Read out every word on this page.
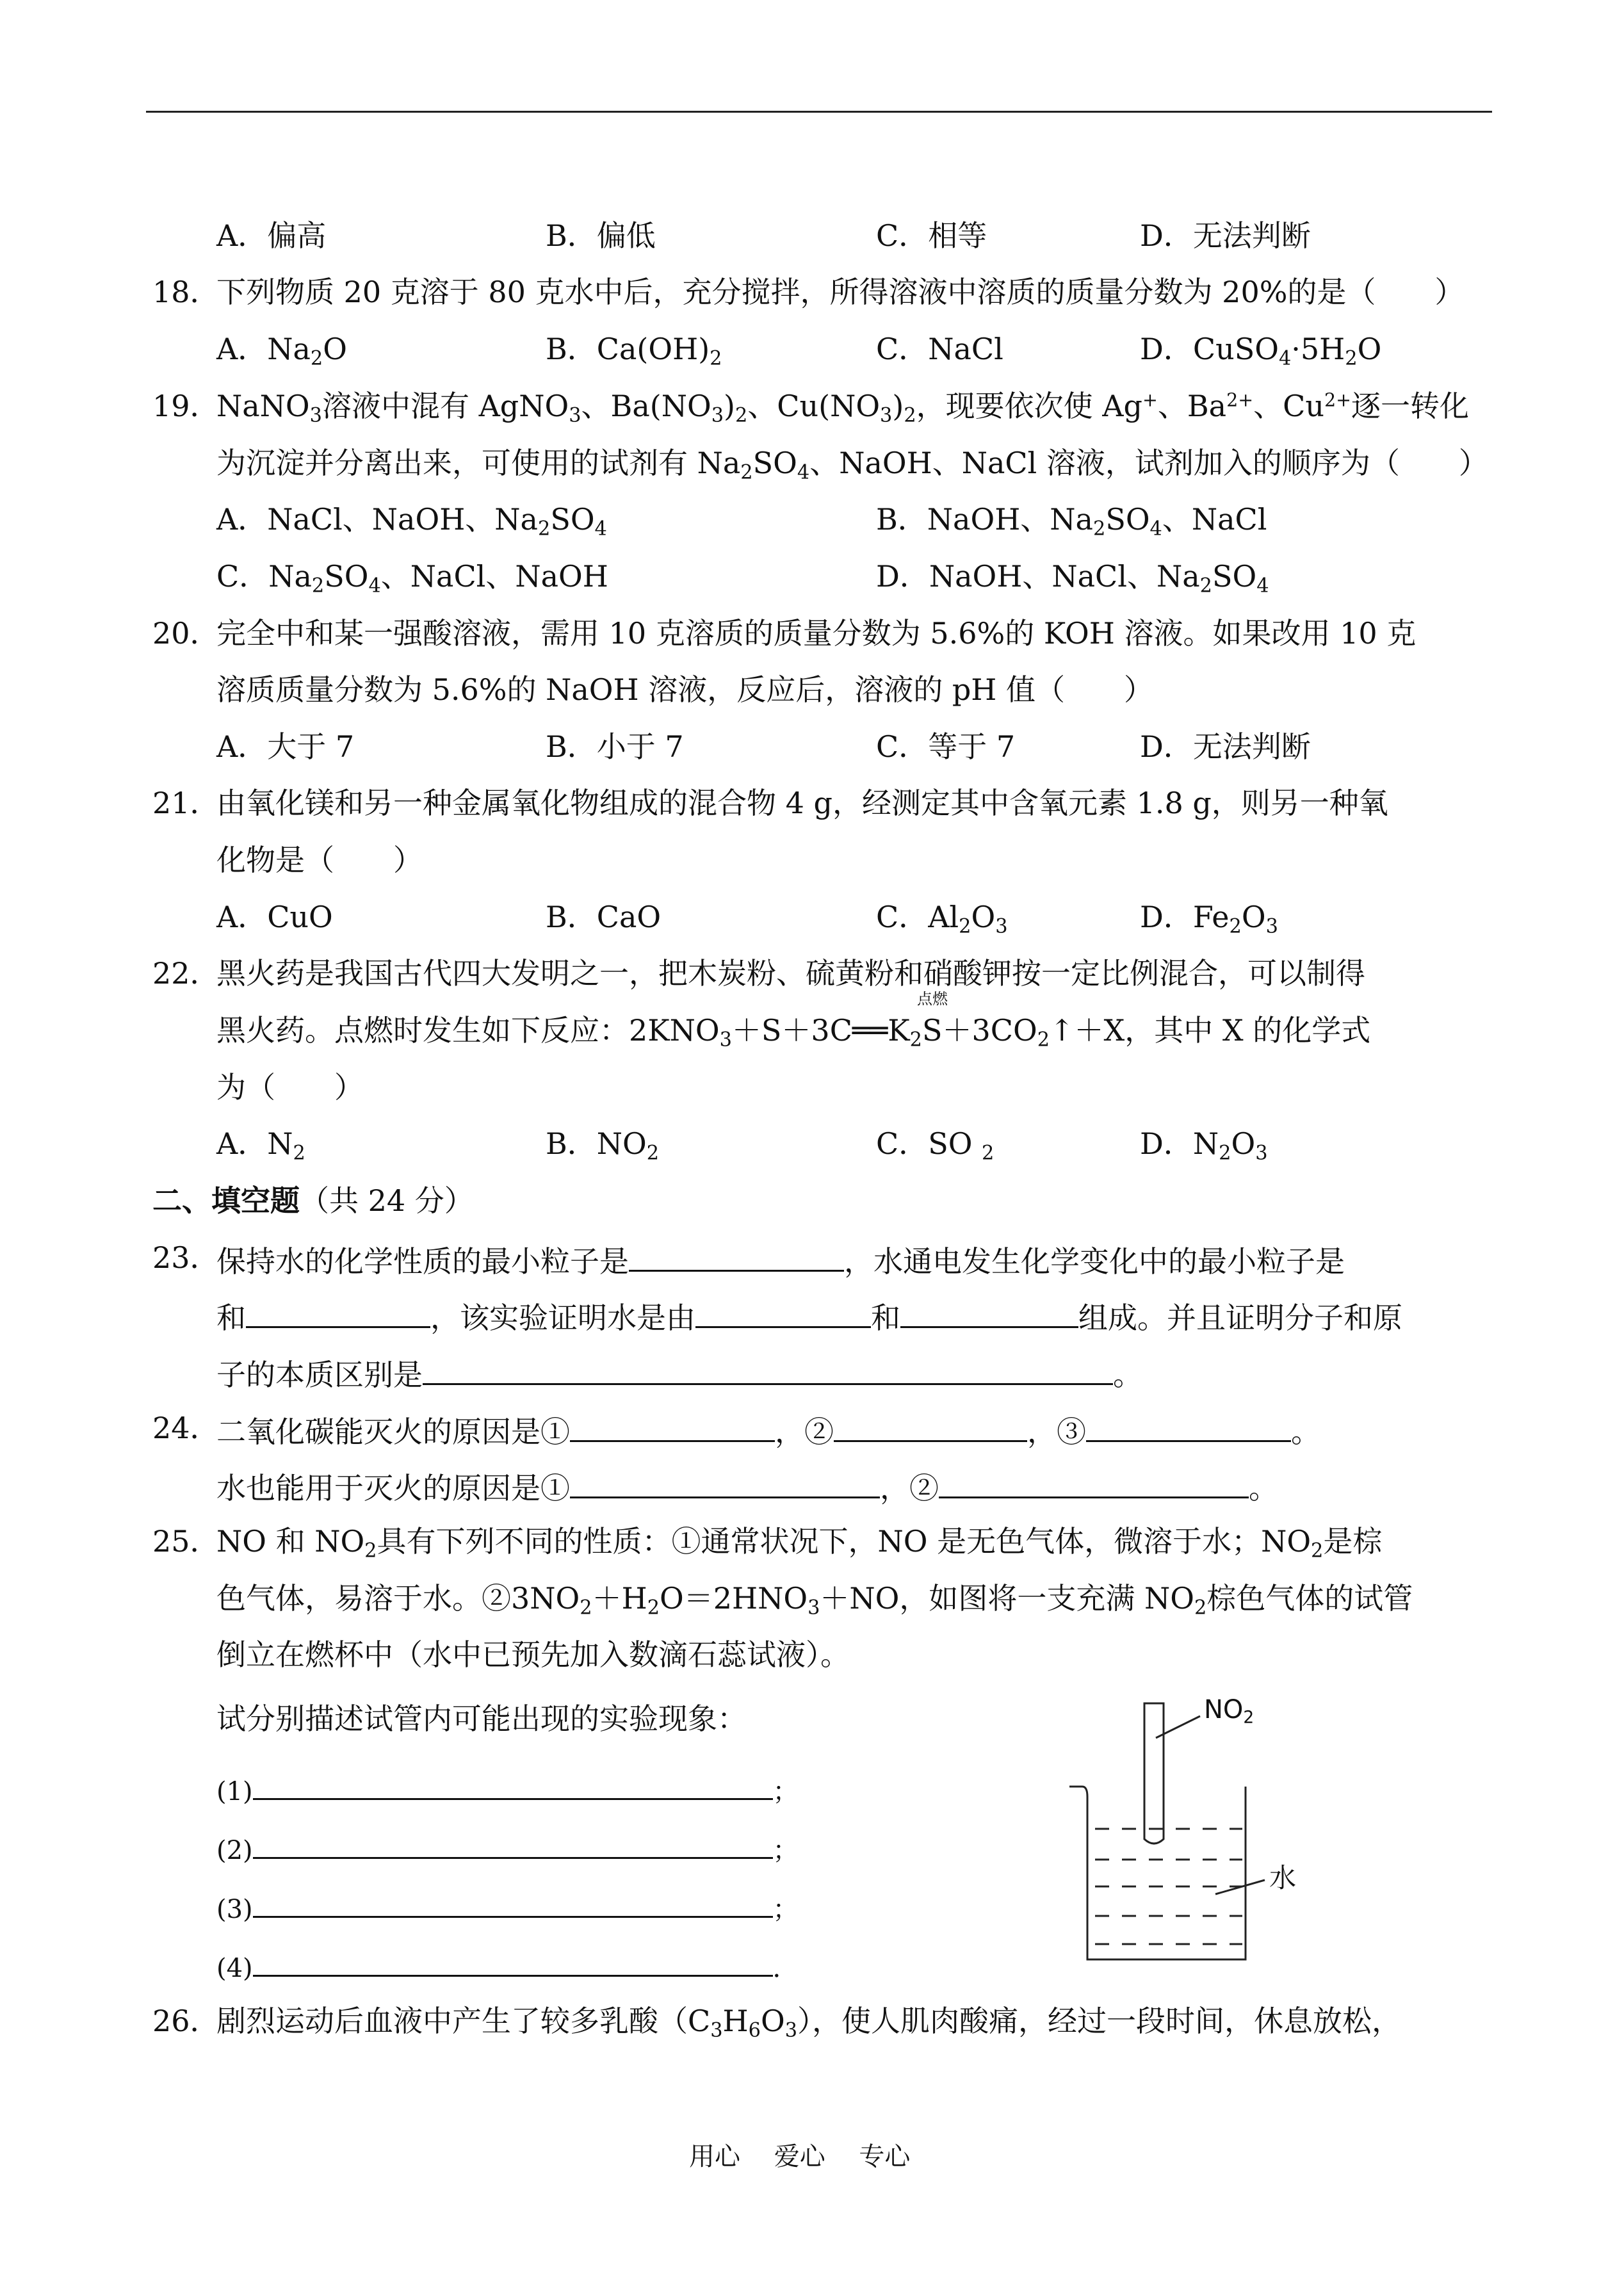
A．偏高	B．偏低	C．相等	D．无法判断
18．
下列物质 20 克溶于 80 克水中后，充分搅拌，所得溶液中溶质的质量分数为 20%的是（　　）
A．$Na_2O$	B．$Ca(OH)_2$	C．NaCl	D．$CuSO_4\cdot 5H_2O$
19．
NaNO$_3$溶液中混有 AgNO$_3$、$Ba(NO_3)_2$、$Cu(NO_3)_2$，现要依次使 Ag+、$Ba^{2+}$、$Cu^{2+}$逐一转化
为沉淀并分离出来，可使用的试剂有 $Na_2SO_4$、NaOH、NaCl 溶液，试剂加入的顺序为（　　）
A．NaCl、NaOH、$Na_2SO_4$	B．NaOH、$Na_2SO_4$、NaCl
C．$Na_2SO_4$、NaCl、NaOH	D．NaOH、NaCl、$Na_2SO_4$
20．
完全中和某一强酸溶液，需用 10 克溶质的质量分数为 5.6%的 KOH 溶液。如果改用 10 克
溶质质量分数为 5.6%的 NaOH 溶液，反应后，溶液的 pH 值（　　）
A．大于 7	B．小于 7	C．等于 7	D．无法判断
21．
由氧化镁和另一种金属氧化物组成的混合物 4 g，经测定其中含氧元素 1.8 g，则另一种氧
化物是（　　）
A．CuO	B．CaO	C．$Al_2O_3$	D．$Fe_2O_3$
22．
黑火药是我国古代四大发明之一，把木炭粉、硫黄粉和硝酸钾按一定比例混合，可以制得
点燃
黑火药。点燃时发生如下反应：$2KNO_3+S+3C══K_2S+3CO_2↑+X$，其中 X 的化学式
为（　　）
A．$N_2$	B．$NO_2$	C．SO $_2$	D．$N_2O_3$
二、填空题（共 24 分）
23．
保持水的化学性质的最小粒子是	，水通电发生化学变化中的最小粒子是
和	，该实验证明水是由	和	组成。并且证明分子和原
子的本质区别是	。
24．
二氧化碳能灭火的原因是①	，②	，③	。
水也能用于灭火的原因是①	，②	。
25．
NO 和 $NO_2$具有下列不同的性质：①通常状况下，NO 是无色气体，微溶于水；$NO_2$是棕
色气体，易溶于水。$②3NO_2+H_2O=2HNO_3+NO$，如图将一支充满 $NO_2$棕色气体的试管
倒立在燃杯中（水中已预先加入数滴石蕊试液）。
试分别描述试管内可能出现的实验现象：
(1)	；
(2)	；
(3)	；
(4)	．
$NO_2$
水
26．
剧烈运动后血液中产生了较多乳酸$(C_3H_6O_3)$，使人肌肉酸痛，经过一段时间，休息放松，
用心　 爱心　 专心
